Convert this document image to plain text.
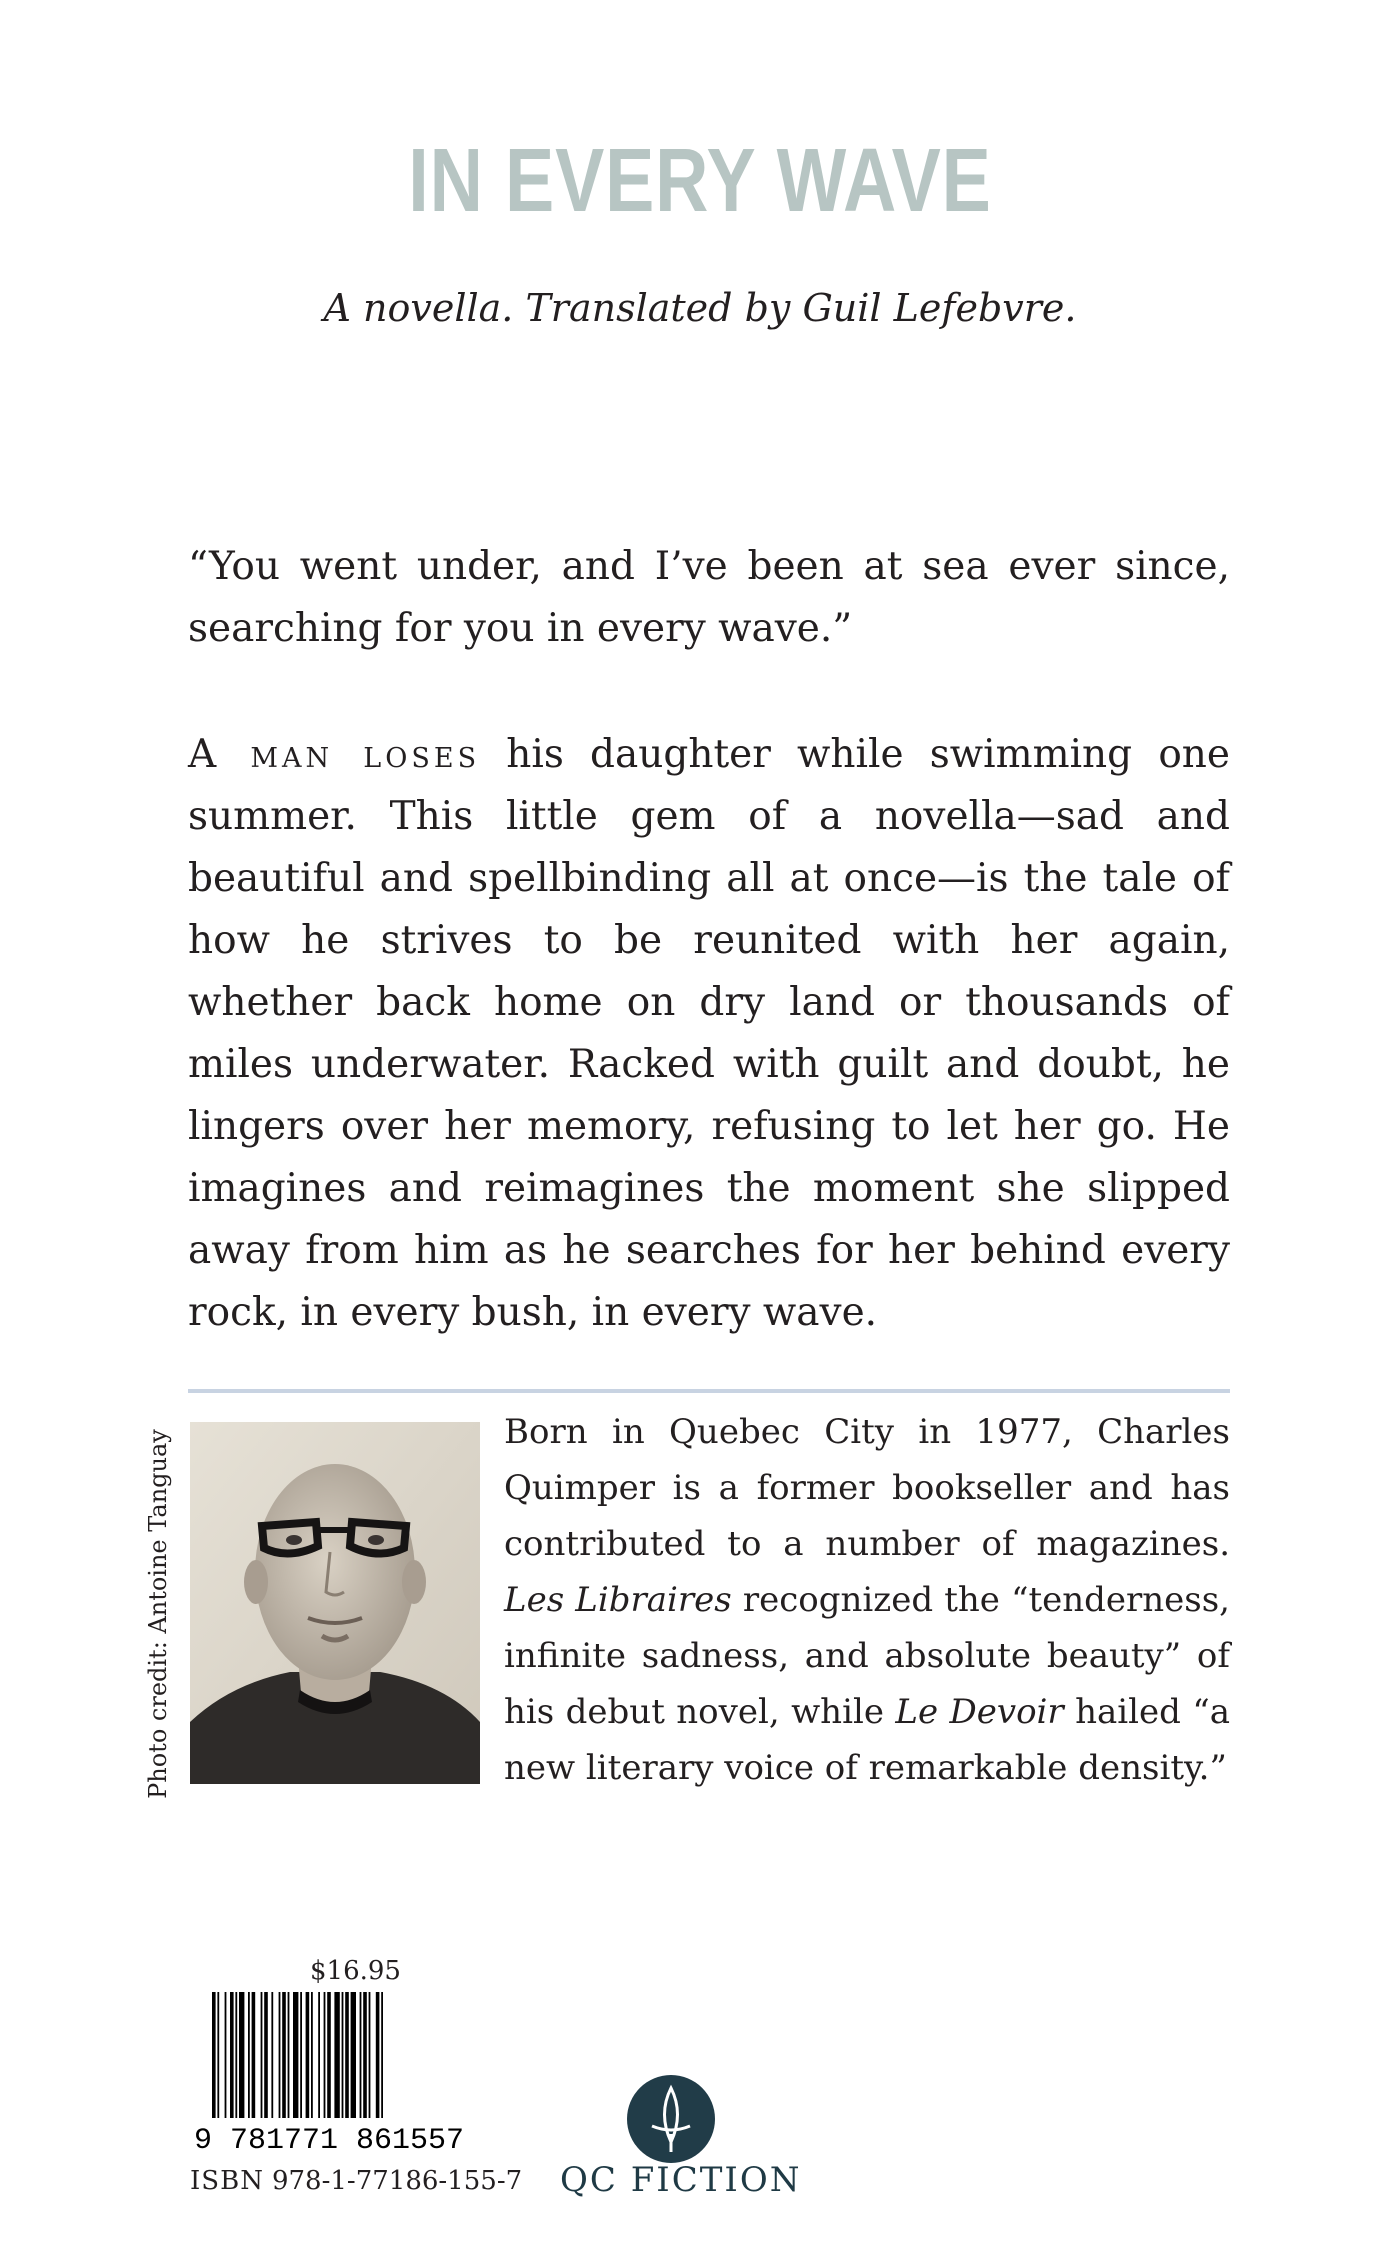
IN EVERY WAVE

A novella. Translated by Guil Lefebvre.

“You went under, and I’ve been at sea ever since, searching for you in every wave.”

A man loses his daughter while swimming one summer. This little gem of a novella—sad and beautiful and spellbinding all at once—is the tale of how he strives to be reunited with her again, whether back home on dry land or thousands of miles underwater. Racked with guilt and doubt, he lingers over her memory, refusing to let her go. He imagines and reimagines the moment she slipped away from him as he searches for her behind every rock, in every bush, in every wave.

Photo credit: Antoine Tanguay	Born in Quebec City in 1977, Charles Quimper is a former bookseller and has contributed to a number of magazines. Les Libraires recognized the “tenderness, infinite sadness, and absolute beauty” of his debut novel, while Le Devoir hailed “a new literary voice of remarkable density.”

$16.95
9 781771 861557
ISBN 978-1-77186-155-7 QC FICTION
